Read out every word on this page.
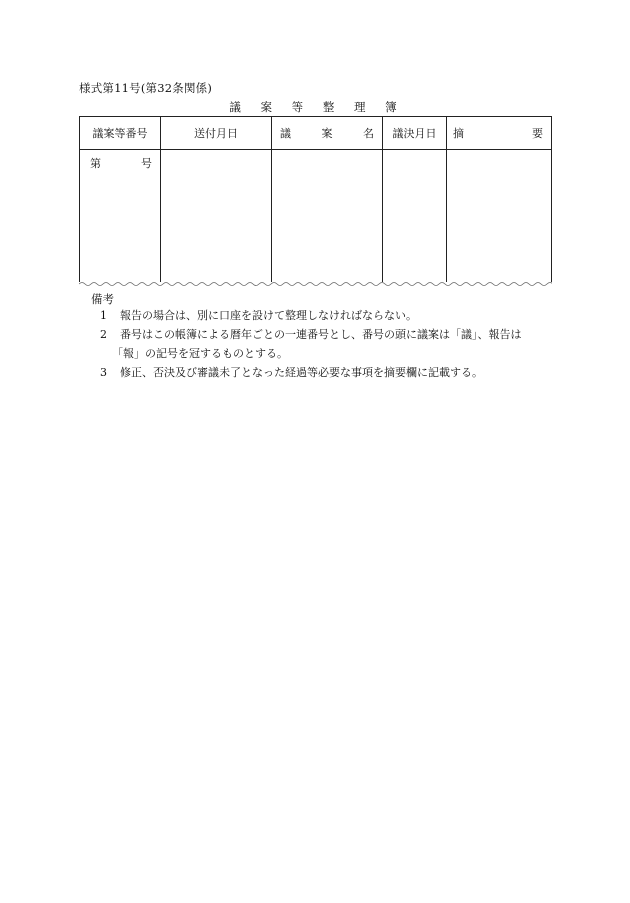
様式第11号(第32条関係)
議 案 等 整 理 簿
議案等番号	送付月日	議 案 名	議決月日	摘 要

第 号				

備考
1	報告の場合は、別に口座を設けて整理しなければならない。
2	番号はこの帳簿による暦年ごとの一連番号とし、番号の頭に議案は「議」、報告は
「報」の記号を冠するものとする。
3	修正、否決及び審議未了となった経過等必要な事項を摘要欄に記載する。
